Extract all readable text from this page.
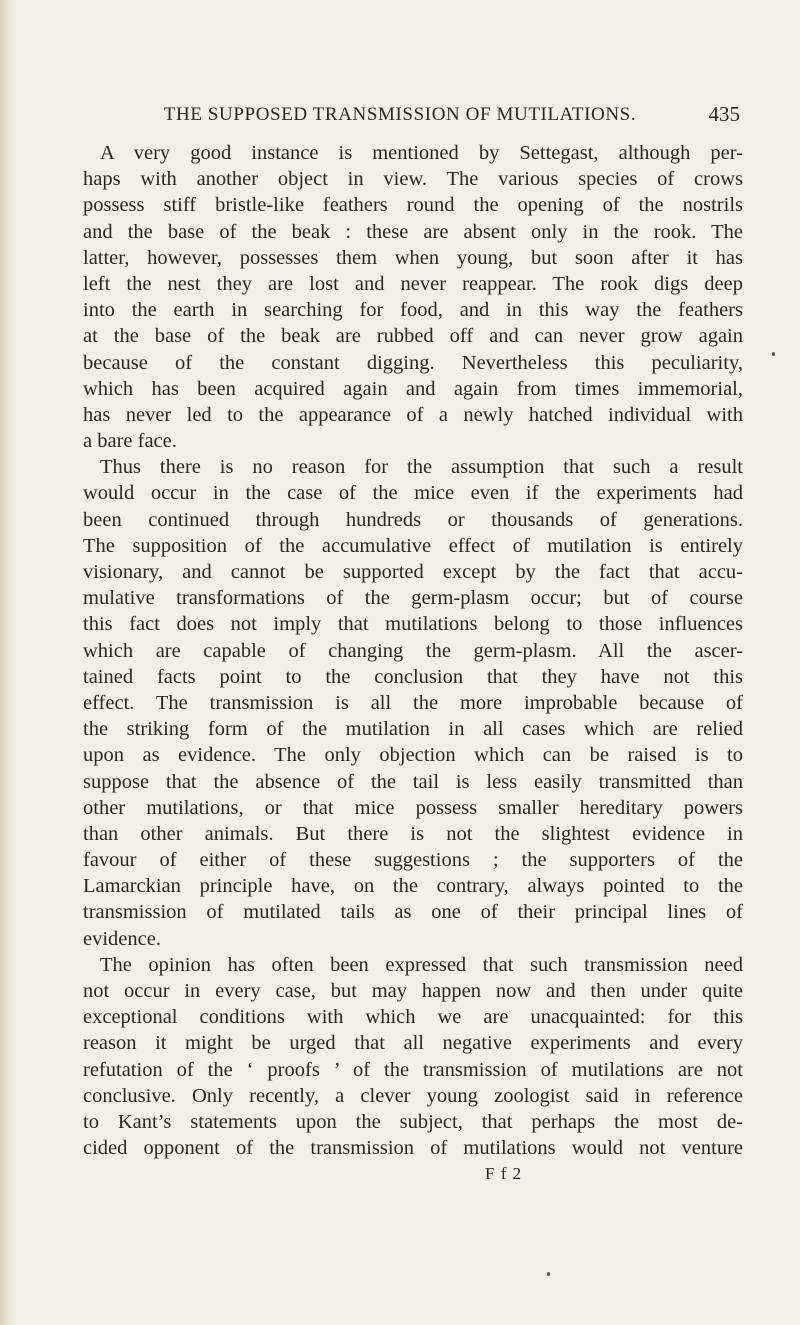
THE SUPPOSED TRANSMISSION OF MUTILATIONS.	435
A very good instance is mentioned by Settegast, although per-
haps with another object in view. The various species of crows
possess stiff bristle-like feathers round the opening of the nostrils
and the base of the beak : these are absent only in the rook. The
latter, however, possesses them when young, but soon after it has
left the nest they are lost and never reappear. The rook digs deep
into the earth in searching for food, and in this way the feathers
at the base of the beak are rubbed off and can never grow again
because of the constant digging. Nevertheless this peculiarity,
which has been acquired again and again from times immemorial,
has never led to the appearance of a newly hatched individual with
a bare face.
Thus there is no reason for the assumption that such a result
would occur in the case of the mice even if the experiments had
been continued through hundreds or thousands of generations.
The supposition of the accumulative effect of mutilation is entirely
visionary, and cannot be supported except by the fact that accu-
mulative transformations of the germ-plasm occur; but of course
this fact does not imply that mutilations belong to those influences
which are capable of changing the germ-plasm. All the ascer-
tained facts point to the conclusion that they have not this
effect. The transmission is all the more improbable because of
the striking form of the mutilation in all cases which are relied
upon as evidence. The only objection which can be raised is to
suppose that the absence of the tail is less easily transmitted than
other mutilations, or that mice possess smaller hereditary powers
than other animals. But there is not the slightest evidence in
favour of either of these suggestions ; the supporters of the
Lamarckian principle have, on the contrary, always pointed to the
transmission of mutilated tails as one of their principal lines of
evidence.
The opinion has often been expressed that such transmission need
not occur in every case, but may happen now and then under quite
exceptional conditions with which we are unacquainted: for this
reason it might be urged that all negative experiments and every
refutation of the ‘ proofs ’ of the transmission of mutilations are not
conclusive. Only recently, a clever young zoologist said in reference
to Kant’s statements upon the subject, that perhaps the most de-
cided opponent of the transmission of mutilations would not venture
F f 2
